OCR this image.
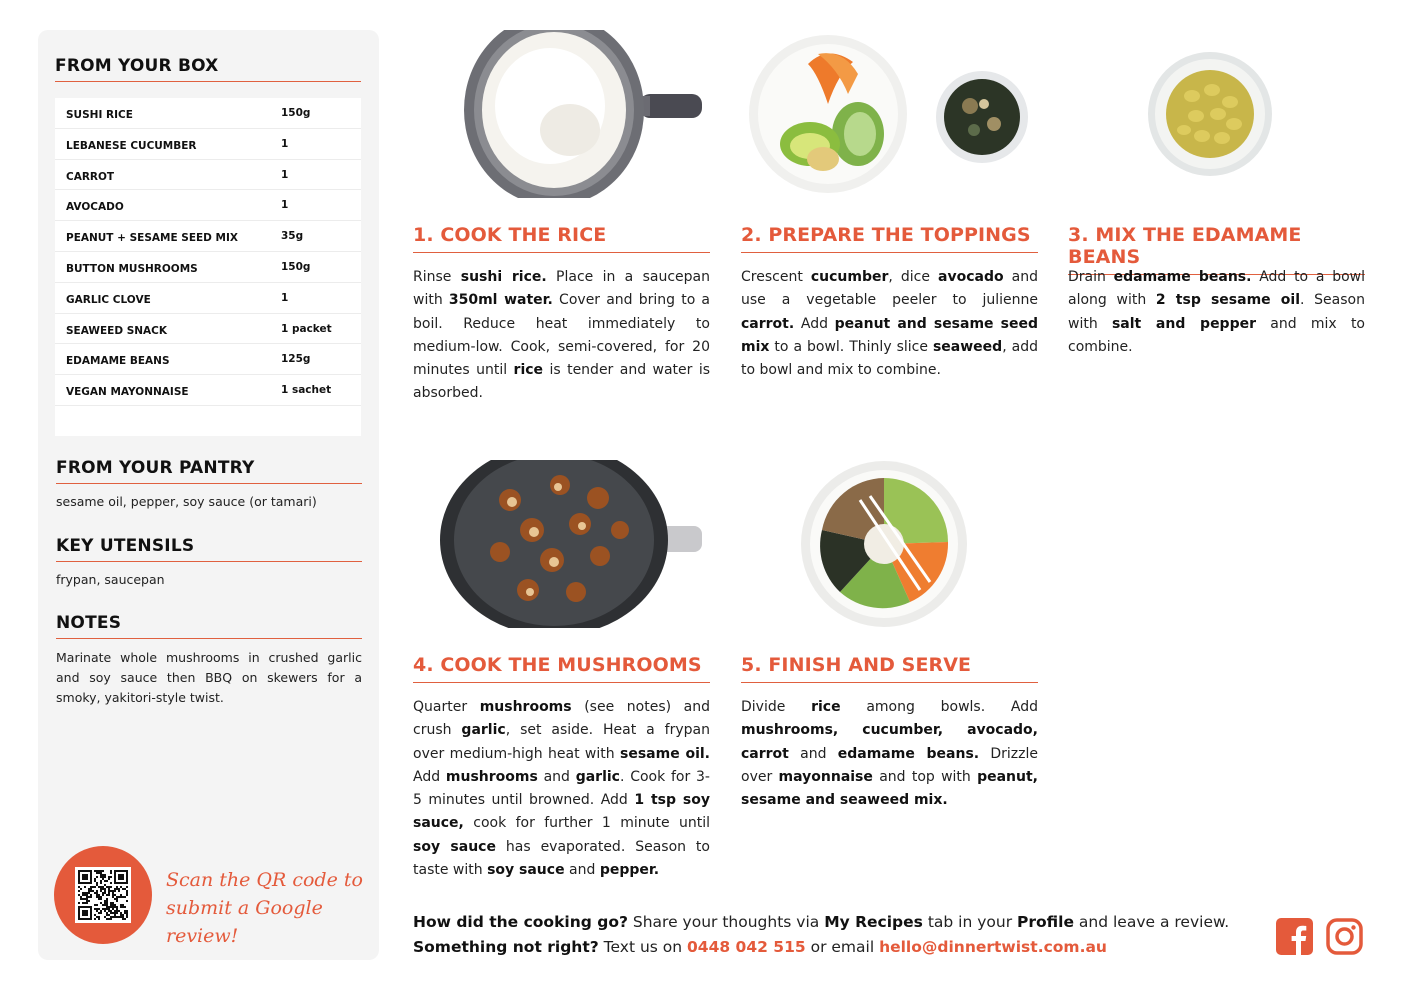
FROM YOUR BOX
SUSHI RICE	150g
LEBANESE CUCUMBER	1
CARROT	1
AVOCADO	1
PEANUT + SESAME SEED MIX	35g
BUTTON MUSHROOMS	150g
GARLIC CLOVE	1
SEAWEED SNACK	1 packet
EDAMAME BEANS	125g
VEGAN MAYONNAISE	1 sachet
FROM YOUR PANTRY
sesame oil, pepper, soy sauce (or tamari)
KEY UTENSILS
frypan, saucepan
NOTES
Marinate whole mushrooms in crushed garlic and soy sauce then BBQ on skewers for a smoky, yakitori-style twist.
Scan the QR code to
submit a Google review!
1. COOK THE RICE
Rinse sushi rice. Place in a saucepan with 350ml water. Cover and bring to a boil. Reduce heat immediately to medium-low. Cook, semi-covered, for 20 minutes until rice is tender and water is absorbed.
2. PREPARE THE TOPPINGS
Crescent cucumber, dice avocado and use a vegetable peeler to julienne carrot. Add peanut and sesame seed mix to a bowl. Thinly slice seaweed, add to bowl and mix to combine.
3. MIX THE EDAMAME BEANS
Drain edamame beans. Add to a bowl along with 2 tsp sesame oil. Season with salt and pepper and mix to combine.
4. COOK THE MUSHROOMS
Quarter mushrooms (see notes) and crush garlic, set aside. Heat a frypan over medium-high heat with sesame oil. Add mushrooms and garlic. Cook for 3-5 minutes until browned. Add 1 tsp soy sauce, cook for further 1 minute until soy sauce has evaporated. Season to taste with soy sauce and pepper.
5. FINISH AND SERVE
Divide rice among bowls. Add mushrooms, cucumber, avocado, carrot and edamame beans. Drizzle over mayonnaise and top with peanut, sesame and seaweed mix.
How did the cooking go? Share your thoughts via My Recipes tab in your Profile and leave a review.
Something not right? Text us on 0448 042 515 or email hello@dinnertwist.com.au
